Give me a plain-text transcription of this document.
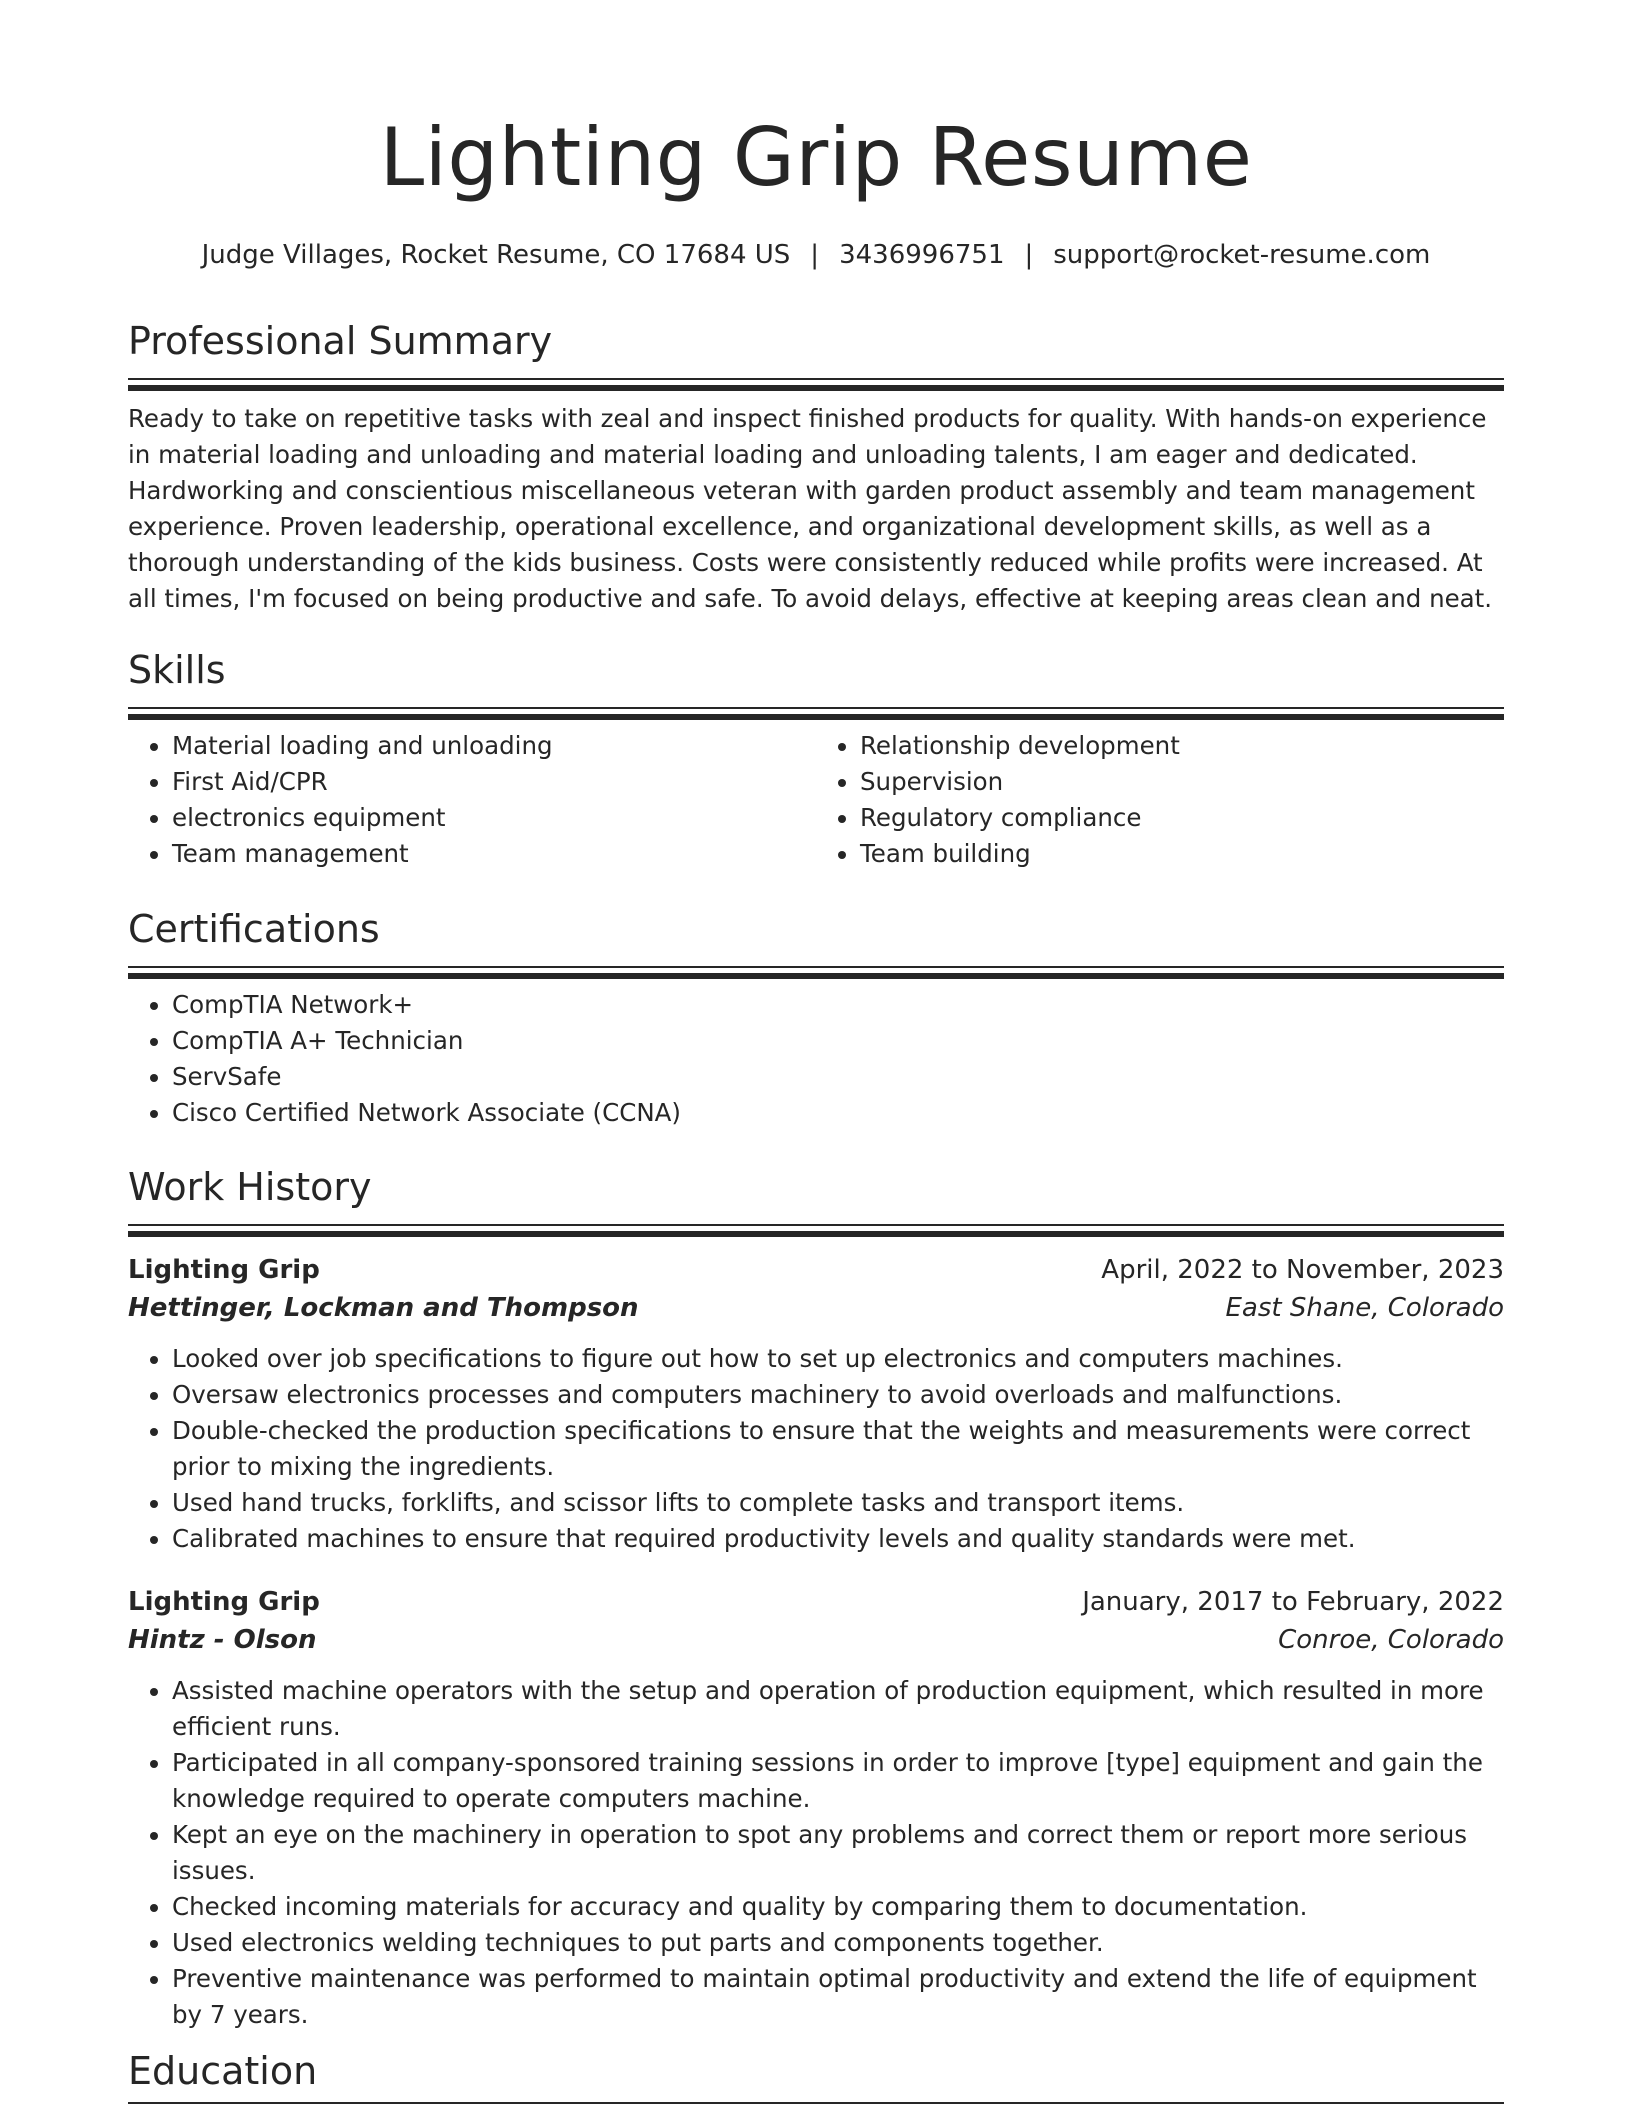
Lighting Grip Resume
Judge Villages, Rocket Resume, CO 17684 US | 3436996751 | support@rocket-resume.com
Professional Summary

Ready to take on repetitive tasks with zeal and inspect finished products for quality. With hands-on experience in material loading and unloading and material loading and unloading talents, I am eager and dedicated. Hardworking and conscientious miscellaneous veteran with garden product assembly and team management experience. Proven leadership, operational excellence, and organizational development skills, as well as a thorough understanding of the kids business. Costs were consistently reduced while profits were increased. At all times, I'm focused on being productive and safe. To avoid delays, effective at keeping areas clean and neat.

Skills
• Material loading and unloading
• First Aid/CPR
• electronics equipment
• Team management
• Relationship development
• Supervision
• Regulatory compliance
• Team building
Certifications
• CompTIA Network+
• CompTIA A+ Technician
• ServSafe
• Cisco Certified Network Associate (CCNA)
Work History
Lighting Grip	April, 2022 to November, 2023
Hettinger, Lockman and Thompson	East Shane, Colorado
• Looked over job specifications to figure out how to set up electronics and computers machines.
• Oversaw electronics processes and computers machinery to avoid overloads and malfunctions.
• Double-checked the production specifications to ensure that the weights and measurements were correct prior to mixing the ingredients.
• Used hand trucks, forklifts, and scissor lifts to complete tasks and transport items.
• Calibrated machines to ensure that required productivity levels and quality standards were met.
Lighting Grip	January, 2017 to February, 2022
Hintz - Olson	Conroe, Colorado
• Assisted machine operators with the setup and operation of production equipment, which resulted in more efficient runs.
• Participated in all company-sponsored training sessions in order to improve [type] equipment and gain the knowledge required to operate computers machine.
• Kept an eye on the machinery in operation to spot any problems and correct them or report more serious issues.
• Checked incoming materials for accuracy and quality by comparing them to documentation.
• Used electronics welding techniques to put parts and components together.
• Preventive maintenance was performed to maintain optimal productivity and extend the life of equipment by 7 years.
Education
